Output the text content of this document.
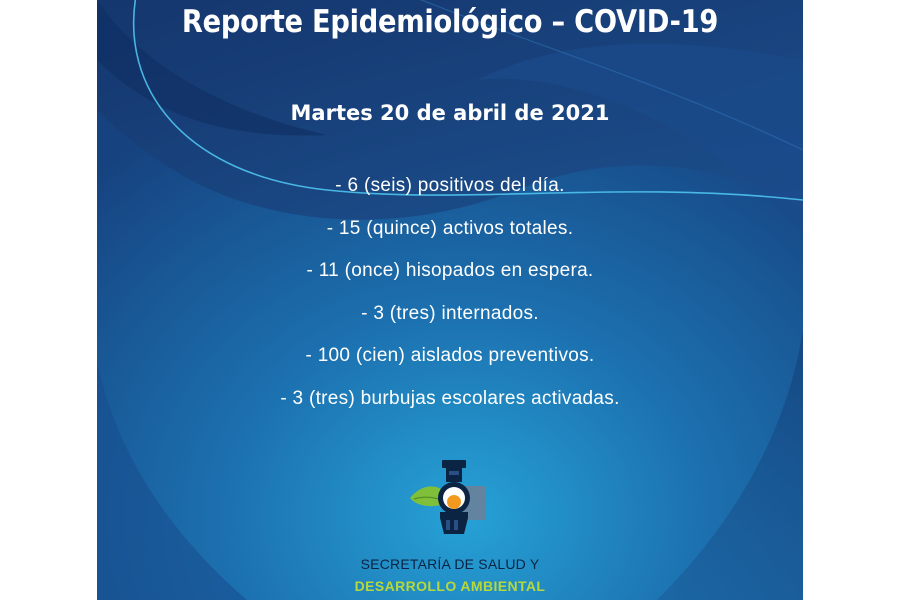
Reporte Epidemiológico – COVID-19
Martes 20 de abril de 2021
- 6 (seis) positivos del día.
- 15 (quince) activos totales.
- 11 (once) hisopados en espera.
- 3 (tres) internados.
- 100 (cien) aislados preventivos.
- 3 (tres) burbujas escolares activadas.
SECRETARÍA DE SALUD Y
DESARROLLO AMBIENTAL
